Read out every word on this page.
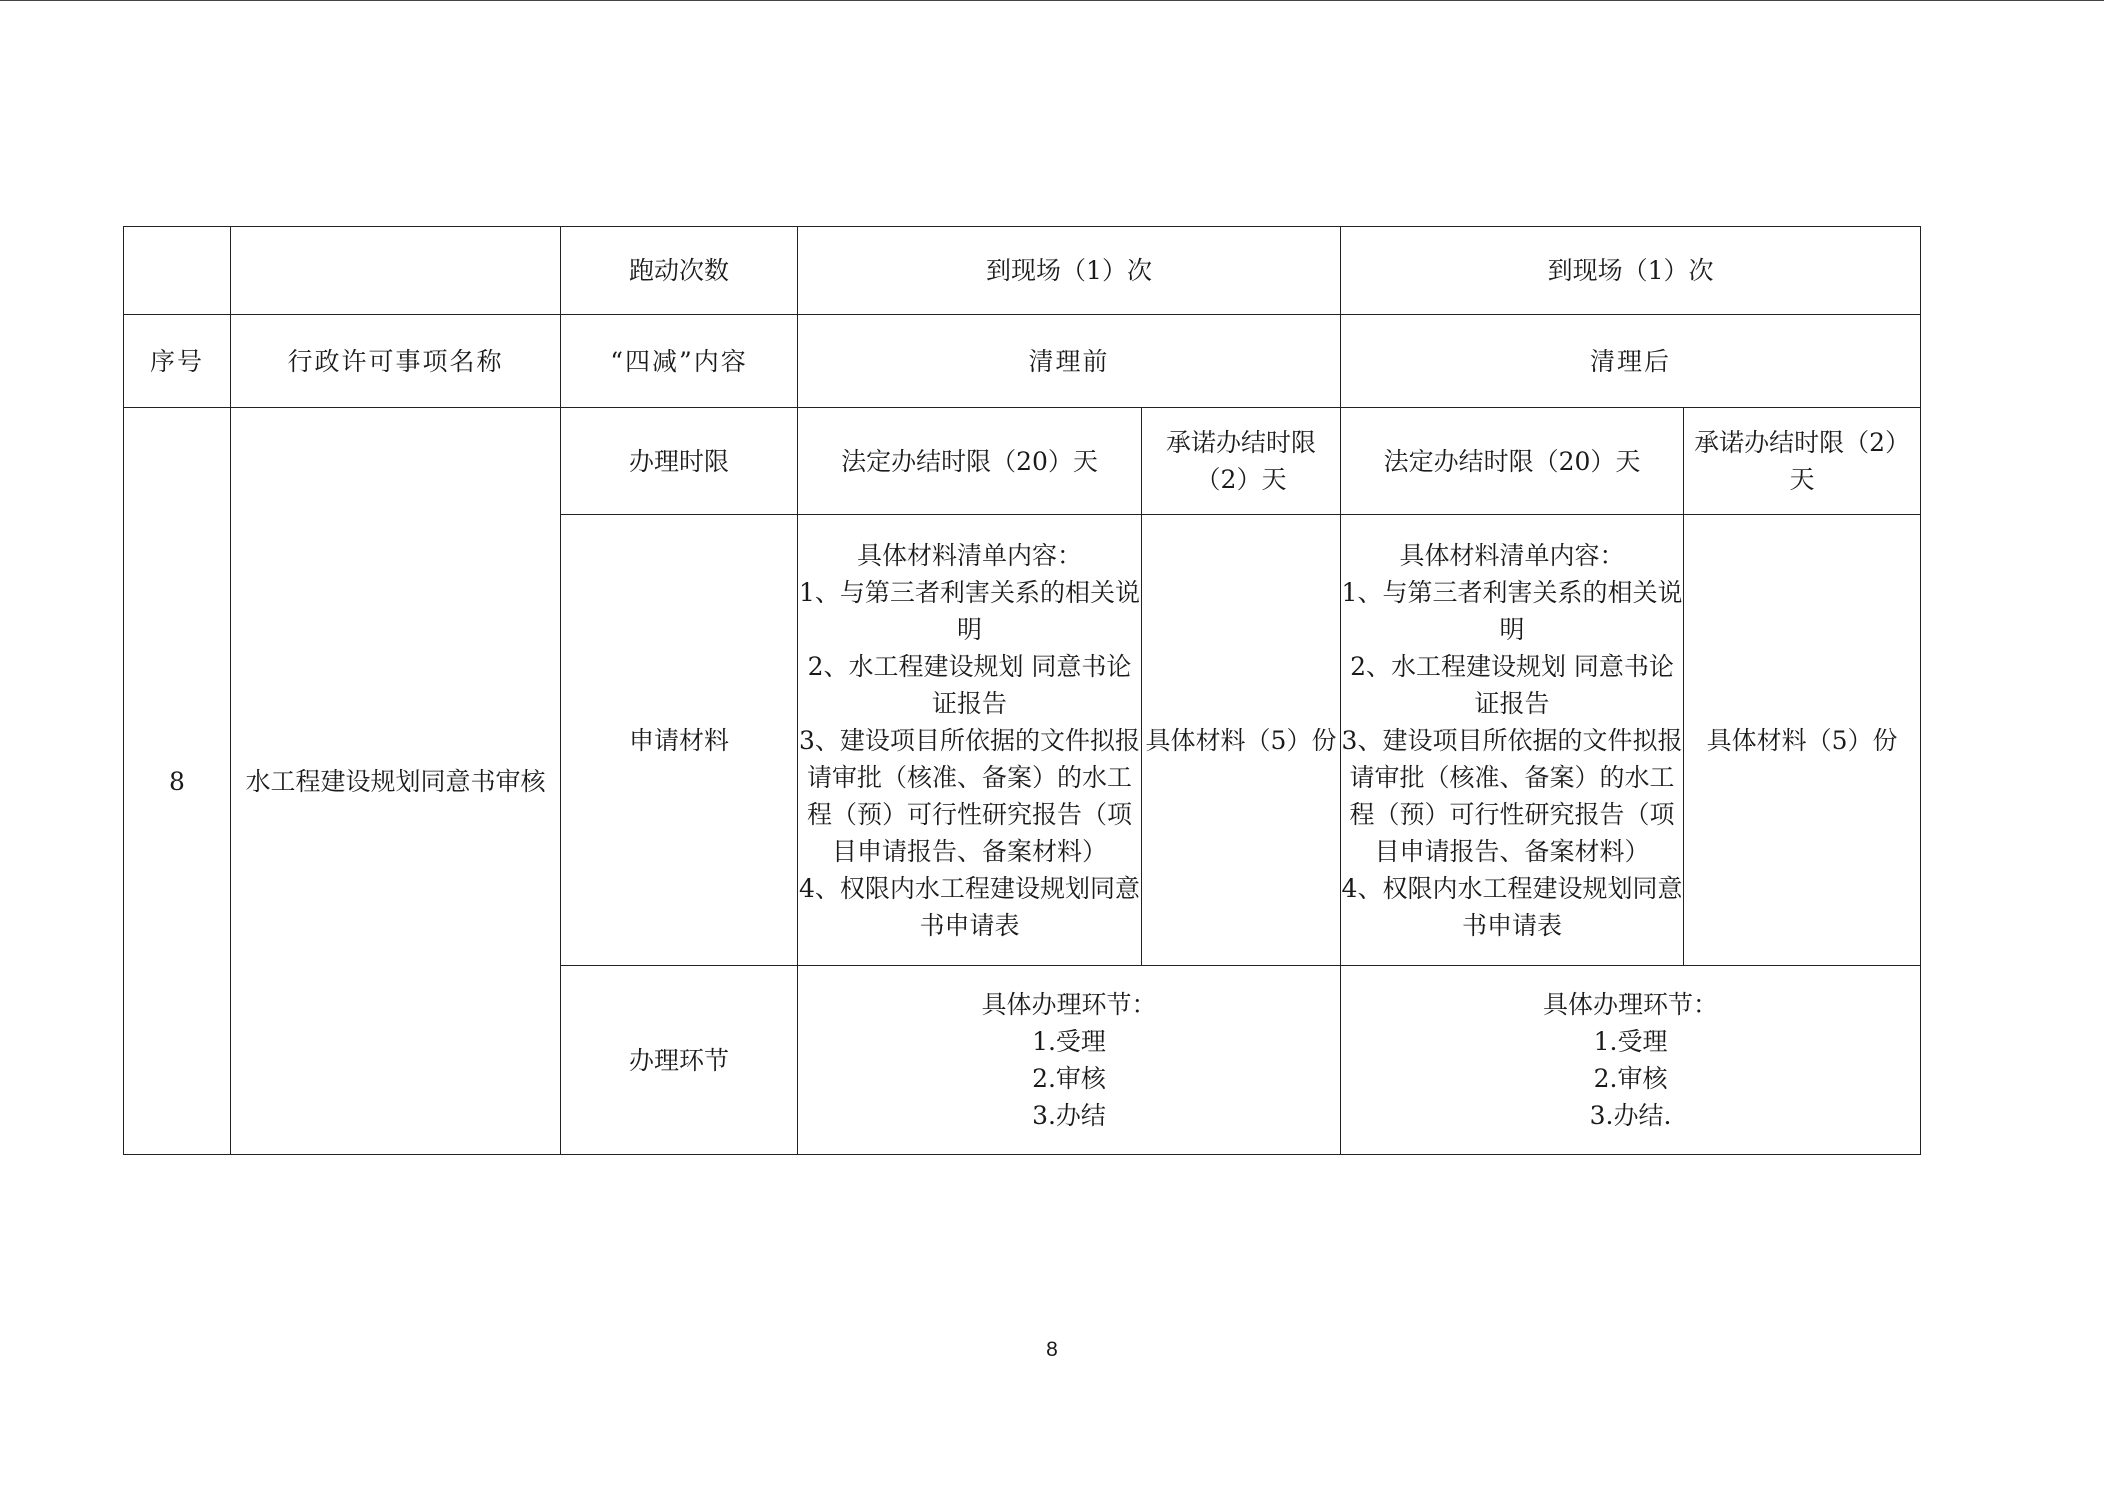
		跑动次数	到现场（1）次		到现场（1）次	
序号	行政许可事项名称	“四减”内容	清理前		清理后	
8	水工程建设规划同意书审核	办理时限	法定办结时限（20）天	承诺办结时限（2）天	法定办结时限（20）天	承诺办结时限（2）天
		申请材料	具体材料清单内容：
1、与第三者利害关系的相关说明
2、水工程建设规划 同意书论证报告
3、建设项目所依据的文件拟报请审批（核准、备案）的水工程（预）可行性研究报告（项目申请报告、备案材料）
4、权限内水工程建设规划同意书申请表	具体材料（5）份	具体材料清单内容：
1、与第三者利害关系的相关说明
2、水工程建设规划 同意书论证报告
3、建设项目所依据的文件拟报请审批（核准、备案）的水工程（预）可行性研究报告（项目申请报告、备案材料）
4、权限内水工程建设规划同意书申请表	具体材料（5）份
		办理环节	具体办理环节：
1.受理
2.审核
3.办结		具体办理环节：
1.受理
2.审核
3.办结.	
8
